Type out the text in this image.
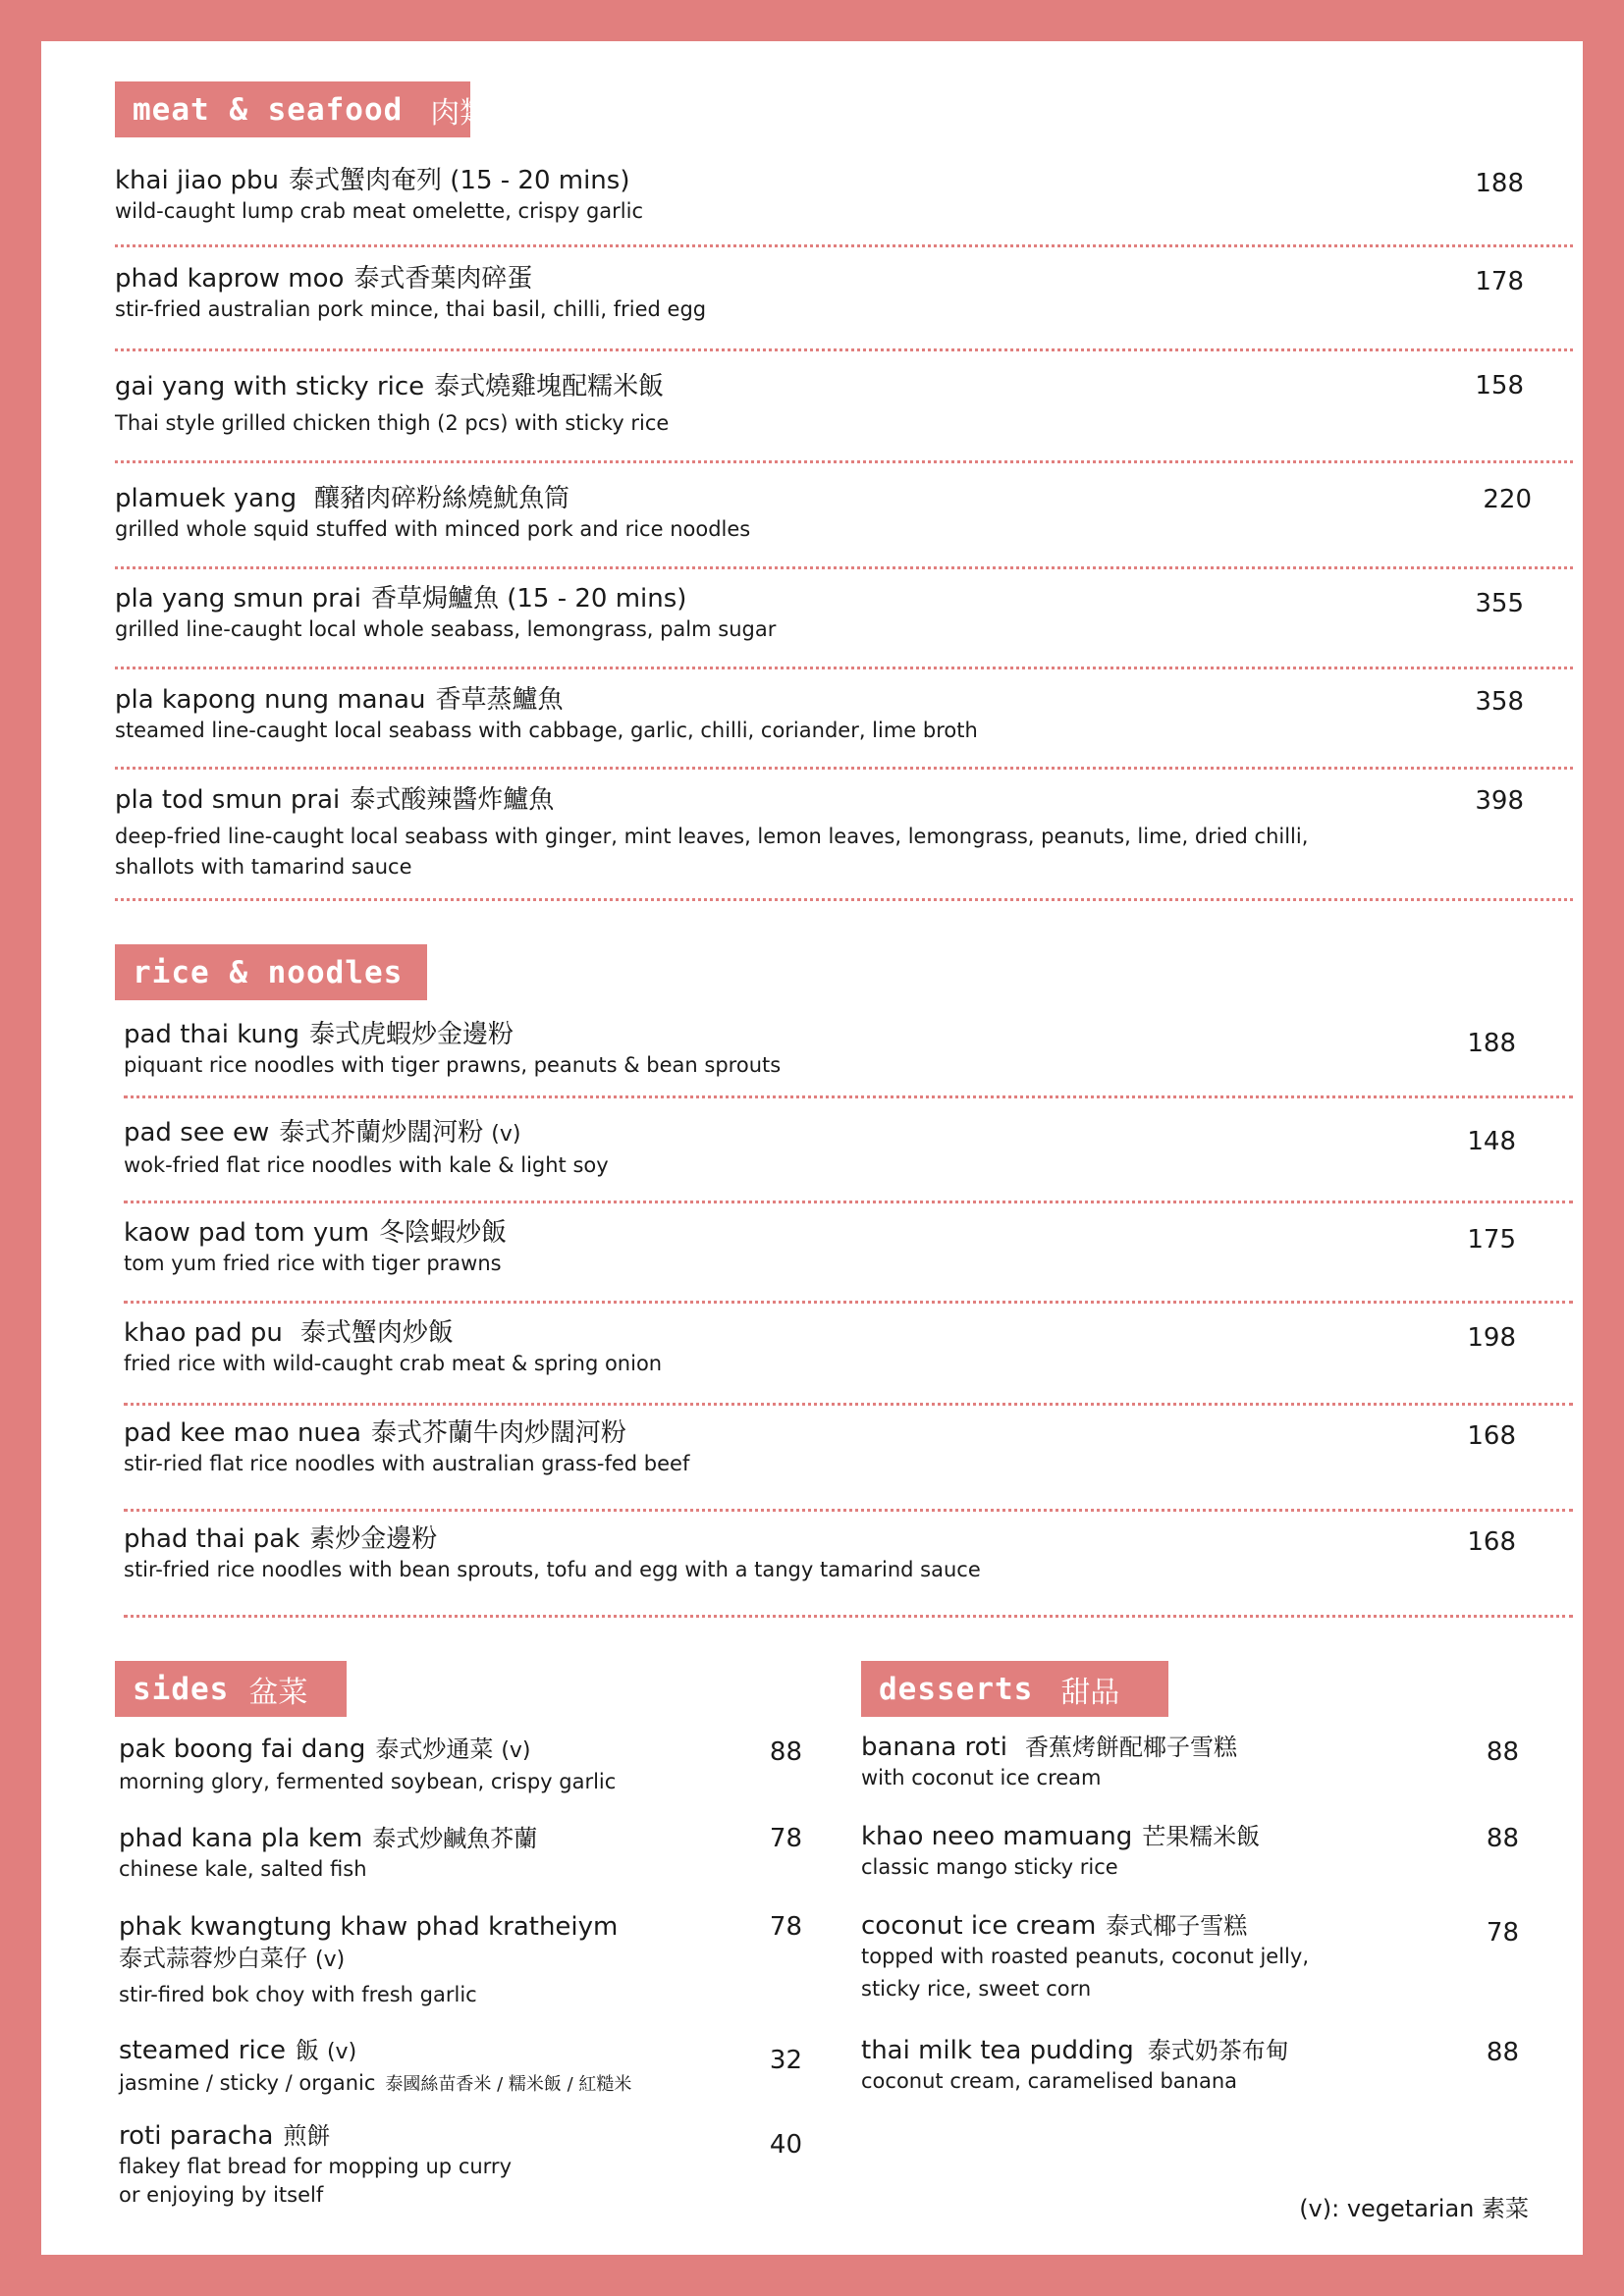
meat & seafood 肉類 & 海鮮
khai jiao pbu 泰式蟹肉奄列 (15 - 20 mins)
wild-caught lump crab meat omelette, crispy garlic
188
phad kaprow moo 泰式香葉肉碎蛋
stir-fried australian pork mince, thai basil, chilli, fried egg
178
gai yang with sticky rice 泰式燒雞塊配糯米飯
Thai style grilled chicken thigh (2 pcs) with sticky rice
158
plamuek yang 釀豬肉碎粉絲燒魷魚筒
grilled whole squid stuffed with minced pork and rice noodles
220
pla yang smun prai 香草焗鱸魚 (15 - 20 mins)
grilled line-caught local whole seabass, lemongrass, palm sugar
355
pla kapong nung manau 香草蒸鱸魚
steamed line-caught local seabass with cabbage, garlic, chilli, coriander, lime broth
358
pla tod smun prai 泰式酸辣醬炸鱸魚
deep-fried line-caught local seabass with ginger, mint leaves, lemon leaves, lemongrass, peanuts, lime, dried chilli,
shallots with tamarind sauce
398
rice & noodles 飯 & 麵
pad thai kung 泰式虎蝦炒金邊粉
piquant rice noodles with tiger prawns, peanuts & bean sprouts
188
pad see ew 泰式芥蘭炒闊河粉 (v)
wok-fried flat rice noodles with kale & light soy
148
kaow pad tom yum 冬陰蝦炒飯
tom yum fried rice with tiger prawns
175
khao pad pu 泰式蟹肉炒飯
fried rice with wild-caught crab meat & spring onion
198
pad kee mao nuea 泰式芥蘭牛肉炒闊河粉
stir-ried flat rice noodles with australian grass-fed beef
168
phad thai pak 素炒金邊粉
stir-fried rice noodles with bean sprouts, tofu and egg with a tangy tamarind sauce
168
sides 盆菜
pak boong fai dang 泰式炒通菜 (v)
morning glory, fermented soybean, crispy garlic
88
phad kana pla kem 泰式炒鹹魚芥蘭
chinese kale, salted fish
78
phak kwangtung khaw phad kratheiym
泰式蒜蓉炒白菜仔 (v)
stir-fired bok choy with fresh garlic
78
steamed rice 飯 (v)
jasmine / sticky / organic 泰國絲苗香米 / 糯米飯 / 紅糙米
32
roti paracha 煎餅
flakey flat bread for mopping up curry
or enjoying by itself
40
desserts 甜品
banana roti 香蕉烤餅配椰子雪糕
with coconut ice cream
88
khao neeo mamuang 芒果糯米飯
classic mango sticky rice
88
coconut ice cream 泰式椰子雪糕
topped with roasted peanuts, coconut jelly,
sticky rice, sweet corn
78
thai milk tea pudding 泰式奶茶布甸
coconut cream, caramelised banana
88
(v): vegetarian 素菜
